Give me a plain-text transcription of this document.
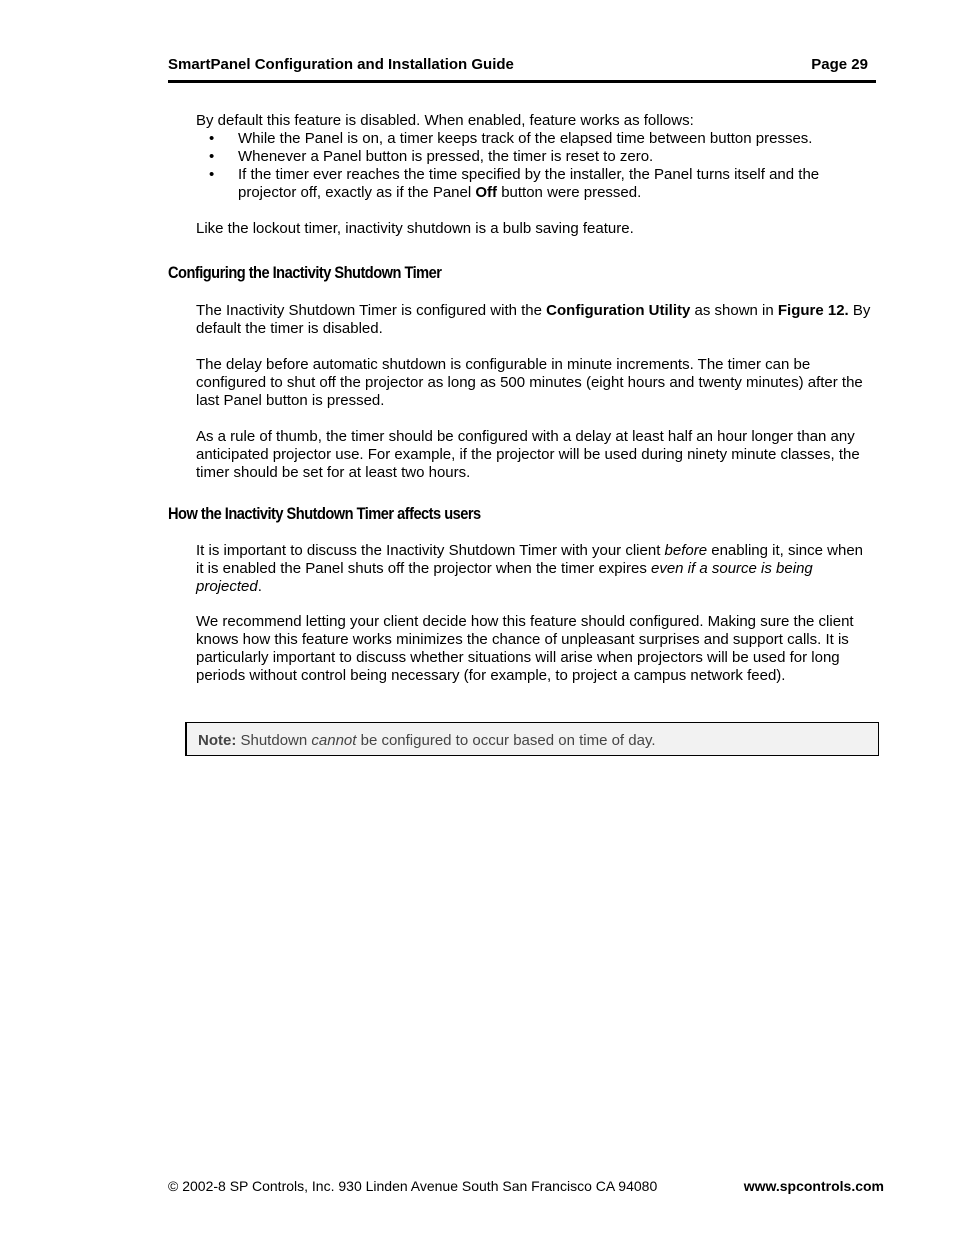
SmartPanel Configuration and Installation Guide	Page 29

By default this feature is disabled. When enabled, feature works as follows:

• While the Panel is on, a timer keeps track of the elapsed time between button presses.
• Whenever a Panel button is pressed, the timer is reset to zero.
• If the timer ever reaches the time specified by the installer, the Panel turns itself and the projector off, exactly as if the Panel Off button were pressed.

Like the lockout timer, inactivity shutdown is a bulb saving feature.

Configuring the Inactivity Shutdown Timer

The Inactivity Shutdown Timer is configured with the Configuration Utility as shown in Figure 12. By default the timer is disabled.

The delay before automatic shutdown is configurable in minute increments. The timer can be configured to shut off the projector as long as 500 minutes (eight hours and twenty minutes) after the last Panel button is pressed.

As a rule of thumb, the timer should be configured with a delay at least half an hour longer than any anticipated projector use. For example, if the projector will be used during ninety minute classes, the timer should be set for at least two hours.

How the Inactivity Shutdown Timer affects users

It is important to discuss the Inactivity Shutdown Timer with your client before enabling it, since when it is enabled the Panel shuts off the projector when the timer expires even if a source is being projected.

We recommend letting your client decide how this feature should configured. Making sure the client knows how this feature works minimizes the chance of unpleasant surprises and support calls. It is particularly important to discuss whether situations will arise when projectors will be used for long periods without control being necessary (for example, to project a campus network feed).

Note: Shutdown cannot be configured to occur based on time of day.
© 2002-8 SP Controls, Inc. 930 Linden Avenue South San Francisco CA 94080	www.spcontrols.com
